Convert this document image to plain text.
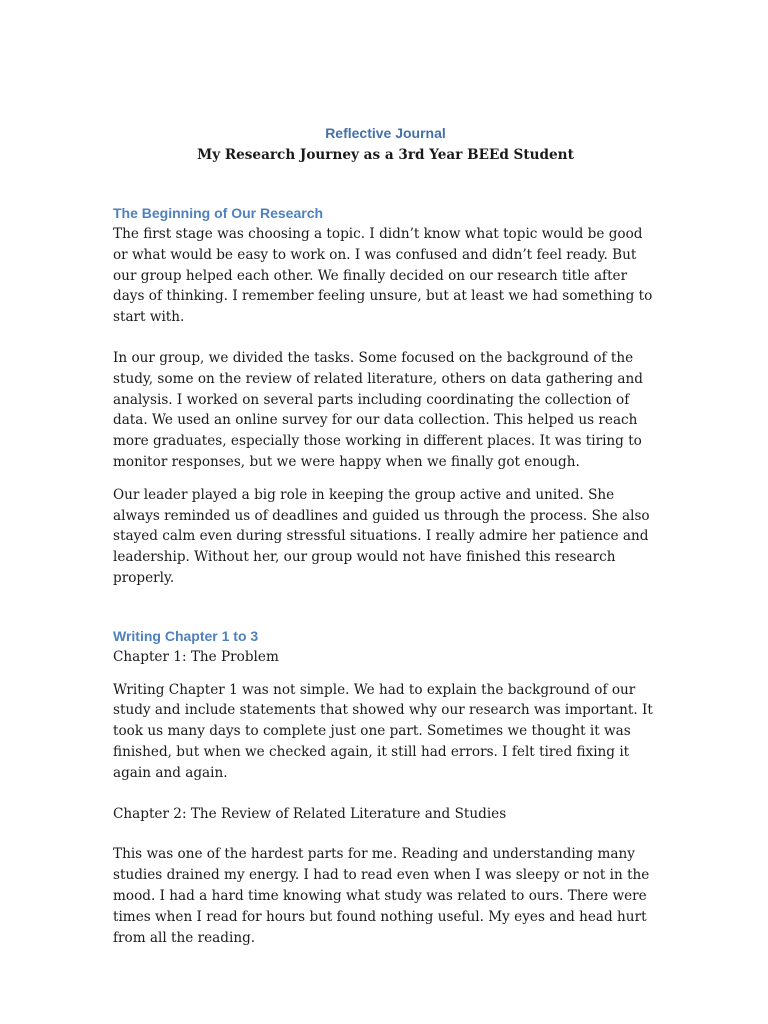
Reflective Journal
My Research Journey as a 3rd Year BEEd Student
The Beginning of Our Research

The first stage was choosing a topic. I didn’t know what topic would be good or what would be easy to work on. I was confused and didn’t feel ready. But our group helped each other. We finally decided on our research title after days of thinking. I remember feeling unsure, but at least we had something to start with.

In our group, we divided the tasks. Some focused on the background of the study, some on the review of related literature, others on data gathering and analysis. I worked on several parts including coordinating the collection of data. We used an online survey for our data collection. This helped us reach more graduates, especially those working in different places. It was tiring to monitor responses, but we were happy when we finally got enough.

Our leader played a big role in keeping the group active and united. She always reminded us of deadlines and guided us through the process. She also stayed calm even during stressful situations. I really admire her patience and leadership. Without her, our group would not have finished this research properly.

Writing Chapter 1 to 3

Chapter 1: The Problem

Writing Chapter 1 was not simple. We had to explain the background of our study and include statements that showed why our research was important. It took us many days to complete just one part. Sometimes we thought it was finished, but when we checked again, it still had errors. I felt tired fixing it again and again.

Chapter 2: The Review of Related Literature and Studies

This was one of the hardest parts for me. Reading and understanding many studies drained my energy. I had to read even when I was sleepy or not in the mood. I had a hard time knowing what study was related to ours. There were times when I read for hours but found nothing useful. My eyes and head hurt from all the reading.
